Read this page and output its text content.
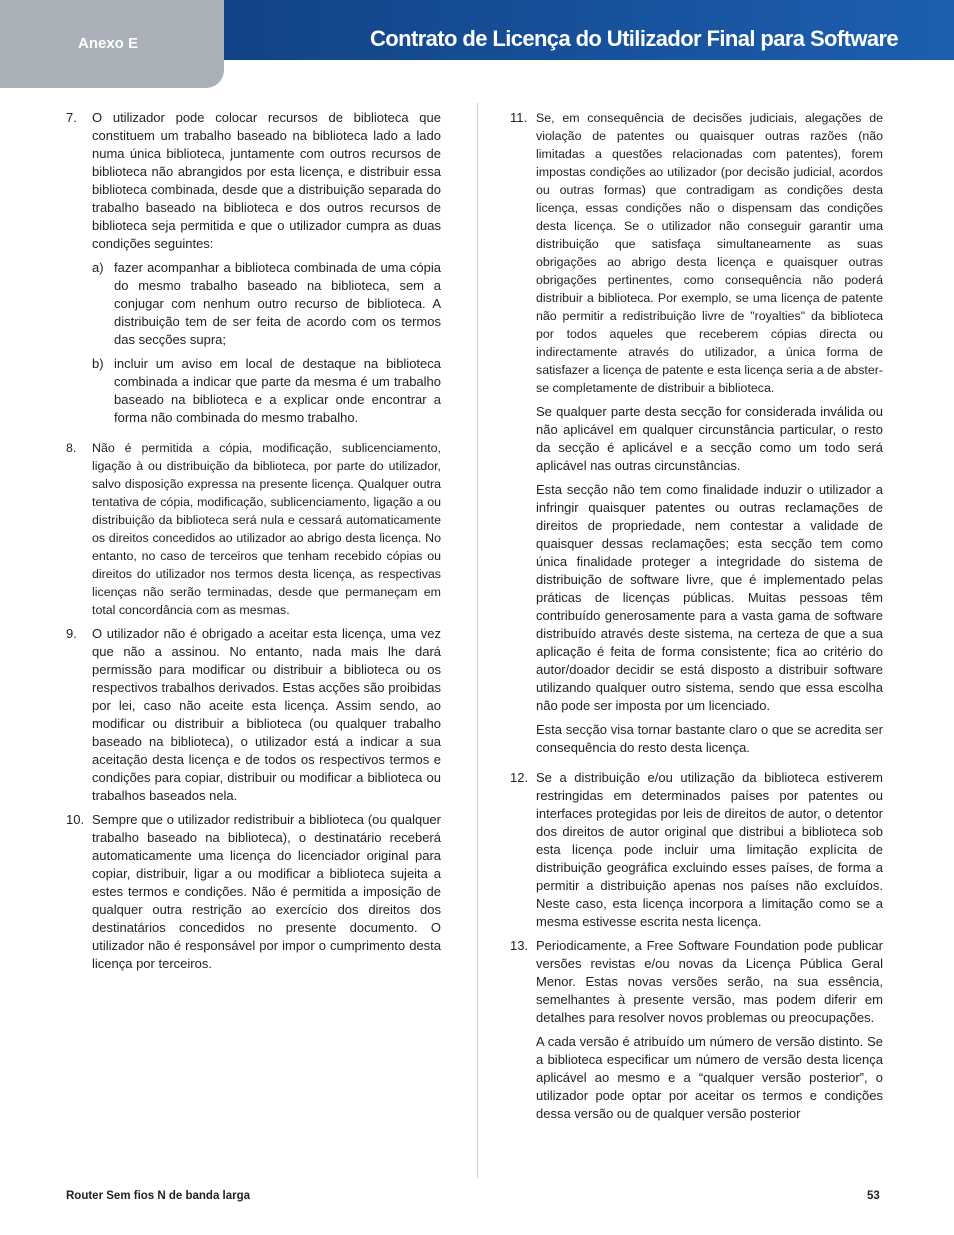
Anexo E	Contrato de Licença do Utilizador Final para Software
7.	O utilizador pode colocar recursos de biblioteca que constituem um trabalho baseado na biblioteca lado a lado numa única biblioteca, juntamente com outros recursos de biblioteca não abrangidos por esta licença, e distribuir essa biblioteca combinada, desde que a distribuição separada do trabalho baseado na biblioteca e dos outros recursos de biblioteca seja permitida e que o utilizador cumpra as duas condições seguintes:

a) fazer acompanhar a biblioteca combinada de uma cópia do mesmo trabalho baseado na biblioteca, sem a conjugar com nenhum outro recurso de biblioteca. A distribuição tem de ser feita de acordo com os termos das secções supra;
b) incluir um aviso em local de destaque na biblioteca combinada a indicar que parte da mesma é um trabalho baseado na biblioteca e a explicar onde encontrar a forma não combinada do mesmo trabalho.
8.	Não é permitida a cópia, modificação, sublicenciamento, ligação à ou distribuição da biblioteca, por parte do utilizador, salvo disposição expressa na presente licença. Qualquer outra tentativa de cópia, modificação, sublicenciamento, ligação a ou distribuição da biblioteca será nula e cessará automaticamente os direitos concedidos ao utilizador ao abrigo desta licença. No entanto, no caso de terceiros que tenham recebido cópias ou direitos do utilizador nos termos desta licença, as respectivas licenças não serão terminadas, desde que permaneçam em total concordância com as mesmas.
9.	O utilizador não é obrigado a aceitar esta licença, uma vez que não a assinou. No entanto, nada mais lhe dará permissão para modificar ou distribuir a biblioteca ou os respectivos trabalhos derivados. Estas acções são proibidas por lei, caso não aceite esta licença. Assim sendo, ao modificar ou distribuir a biblioteca (ou qualquer trabalho baseado na biblioteca), o utilizador está a indicar a sua aceitação desta licença e de todos os respectivos termos e condições para copiar, distribuir ou modificar a biblioteca ou trabalhos baseados nela.
10. Sempre que o utilizador redistribuir a biblioteca (ou qualquer trabalho baseado na biblioteca), o destinatário receberá automaticamente uma licença do licenciador original para copiar, distribuir, ligar a ou modificar a biblioteca sujeita a estes termos e condições. Não é permitida a imposição de qualquer outra restrição ao exercício dos direitos dos destinatários concedidos no presente documento. O utilizador não é responsável por impor o cumprimento desta licença por terceiros.
11. Se, em consequência de decisões judiciais, alegações de violação de patentes ou quaisquer outras razões (não limitadas a questões relacionadas com patentes), forem impostas condições ao utilizador (por decisão judicial, acordos ou outras formas) que contradigam as condições desta licença, essas condições não o dispensam das condições desta licença. Se o utilizador não conseguir garantir uma distribuição que satisfaça simultaneamente as suas obrigações ao abrigo desta licença e quaisquer outras obrigações pertinentes, como consequência não poderá distribuir a biblioteca. Por exemplo, se uma licença de patente não permitir a redistribuição livre de "royalties" da biblioteca por todos aqueles que receberem cópias directa ou indirectamente através do utilizador, a única forma de satisfazer a licença de patente e esta licença seria a de abster-se completamente de distribuir a biblioteca.

Se qualquer parte desta secção for considerada inválida ou não aplicável em qualquer circunstância particular, o resto da secção é aplicável e a secção como um todo será aplicável nas outras circunstâncias.

Esta secção não tem como finalidade induzir o utilizador a infringir quaisquer patentes ou outras reclamações de direitos de propriedade, nem contestar a validade de quaisquer dessas reclamações; esta secção tem como única finalidade proteger a integridade do sistema de distribuição de software livre, que é implementado pelas práticas de licenças públicas. Muitas pessoas têm contribuído generosamente para a vasta gama de software distribuído através deste sistema, na certeza de que a sua aplicação é feita de forma consistente; fica ao critério do autor/doador decidir se está disposto a distribuir software utilizando qualquer outro sistema, sendo que essa escolha não pode ser imposta por um licenciado.

Esta secção visa tornar bastante claro o que se acredita ser consequência do resto desta licença.

12. Se a distribuição e/ou utilização da biblioteca estiverem restringidas em determinados países por patentes ou interfaces protegidas por leis de direitos de autor, o detentor dos direitos de autor original que distribui a biblioteca sob esta licença pode incluir uma limitação explícita de distribuição geográfica excluindo esses países, de forma a permitir a distribuição apenas nos países não excluídos. Neste caso, esta licença incorpora a limitação como se a mesma estivesse escrita nesta licença.
13. Periodicamente, a Free Software Foundation pode publicar versões revistas e/ou novas da Licença Pública Geral Menor. Estas novas versões serão, na sua essência, semelhantes à presente versão, mas podem diferir em detalhes para resolver novos problemas ou preocupações.

A cada versão é atribuído um número de versão distinto. Se a biblioteca especificar um número de versão desta licença aplicável ao mesmo e a “qualquer versão posterior”, o utilizador pode optar por aceitar os termos e condições dessa versão ou de qualquer versão posterior

Router Sem fios N de banda larga	53
